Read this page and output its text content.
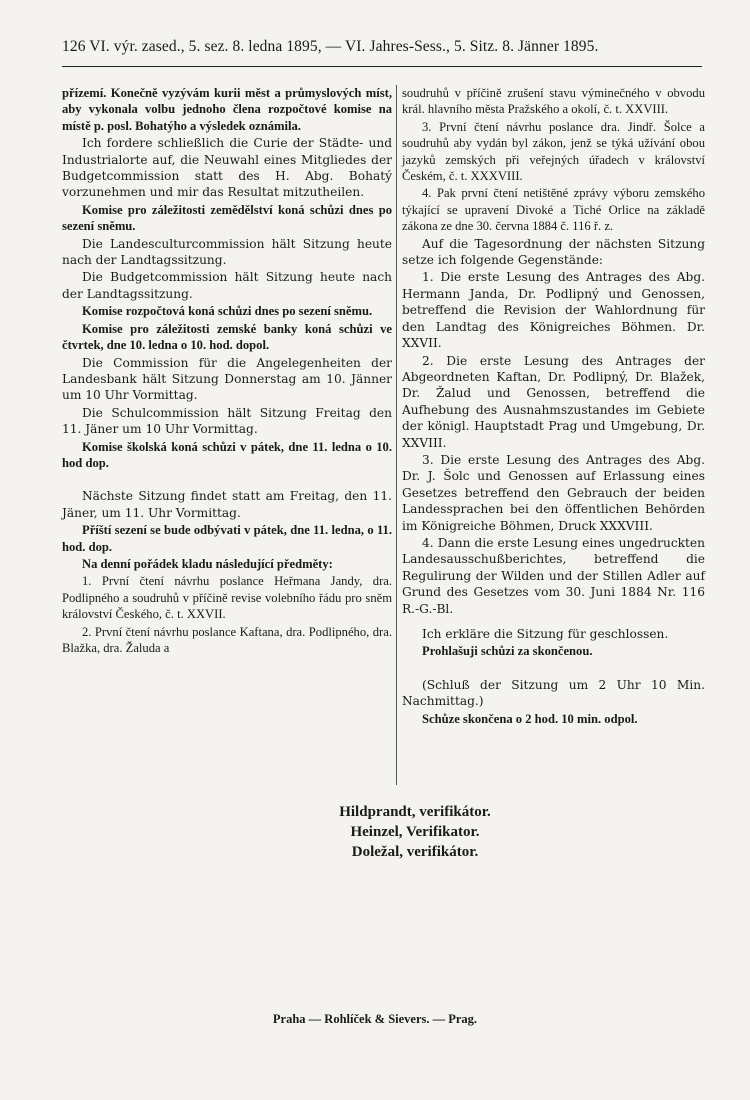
126 VI. výr. zased., 5. sez. 8. ledna 1895, — VI. Jahres-Sess., 5. Sitz. 8. Jänner 1895.

přízemí. Konečně vyzývám kurii měst a průmyslových míst, aby vykonala volbu jednoho člena rozpočtové komise na místě p. posl. Bohatýho a výsledek oznámila.

Ich fordere schließlich die Curie der Städte- und Industrialorte auf, die Neuwahl eines Mitgliedes der Budgetcommission statt des H. Abg. Bohatý vorzunehmen und mir das Resultat mitzutheilen.

Komise pro záležitosti zemědělství koná schůzi dnes po sezení sněmu.

Die Landesculturcommission hält Sitzung heute nach der Landtagssitzung.

Die Budgetcommission hält Sitzung heute nach der Landtagssitzung.

Komise rozpočtová koná schůzi dnes po sezení sněmu.

Komise pro záležitosti zemské banky koná schůzi ve čtvrtek, dne 10. ledna o 10. hod. dopol.

Die Commission für die Angelegenheiten der Landesbank hält Sitzung Donnerstag am 10. Jänner um 10 Uhr Vormittag.

Die Schulcommission hält Sitzung Freitag den 11. Jäner um 10 Uhr Vormittag.

Komise školská koná schůzi v pátek, dne 11. ledna o 10. hod dop.

Nächste Sitzung findet statt am Freitag, den 11. Jäner, um 11. Uhr Vormittag.

Příští sezení se bude odbývati v pátek, dne 11. ledna, o 11. hod. dop.

Na denní pořádek kladu následující předměty:

1. První čtení návrhu poslance Heřmana Jandy, dra. Podlipného a soudruhů v příčině revise volebního řádu pro sněm království Českého, č. t. XXVII.

2. První čtení návrhu poslance Kaftana, dra. Podlipného, dra. Blažka, dra. Žaluda a

soudruhů v příčině zrušení stavu výminečného v obvodu král. hlavního města Pražského a okolí, č. t. XXVIII.

3. První čtení návrhu poslance dra. Jindř. Šolce a soudruhů aby vydán byl zákon, jenž se týká užívání obou jazyků zemských při veřejných úřadech v království Českém, č. t. XXXVIII.

4. Pak první čtení netištěné zprávy výboru zemského týkající se upravení Divoké a Tiché Orlice na základě zákona ze dne 30. června 1884 č. 116 ř. z.

Auf die Tagesordnung der nächsten Sitzung setze ich folgende Gegenstände:

1. Die erste Lesung des Antrages des Abg. Hermann Janda, Dr. Podlipný und Genossen, betreffend die Revision der Wahlordnung für den Landtag des Königreiches Böhmen. Dr. XXVII.

2. Die erste Lesung des Antrages der Abgeordneten Kaftan, Dr. Podlipný, Dr. Blažek, Dr. Žalud und Genossen, betreffend die Aufhebung des Ausnahmszustandes im Gebiete der königl. Hauptstadt Prag und Umgebung, Dr. XXVIII.

3. Die erste Lesung des Antrages des Abg. Dr. J. Šolc und Genossen auf Erlassung eines Gesetzes betreffend den Gebrauch der beiden Landessprachen bei den öffentlichen Behörden im Königreiche Böhmen, Druck XXXVIII.

4. Dann die erste Lesung eines ungedruckten Landesausschußberichtes, betreffend die Regulirung der Wilden und der Stillen Adler auf Grund des Gesetzes vom 30. Juni 1884 Nr. 116 R.-G.-Bl.

Ich erkläre die Sitzung für geschlossen.

Prohlašuji schůzi za skončenou.

(Schluß der Sitzung um 2 Uhr 10 Min. Nachmittag.)

Schůze skončena o 2 hod. 10 min. odpol.

Hildprandt, verifikátor.
Heinzel, Verifikator.
Doležal, verifikátor.
Praha — Rohlíček & Sievers. — Prag.
